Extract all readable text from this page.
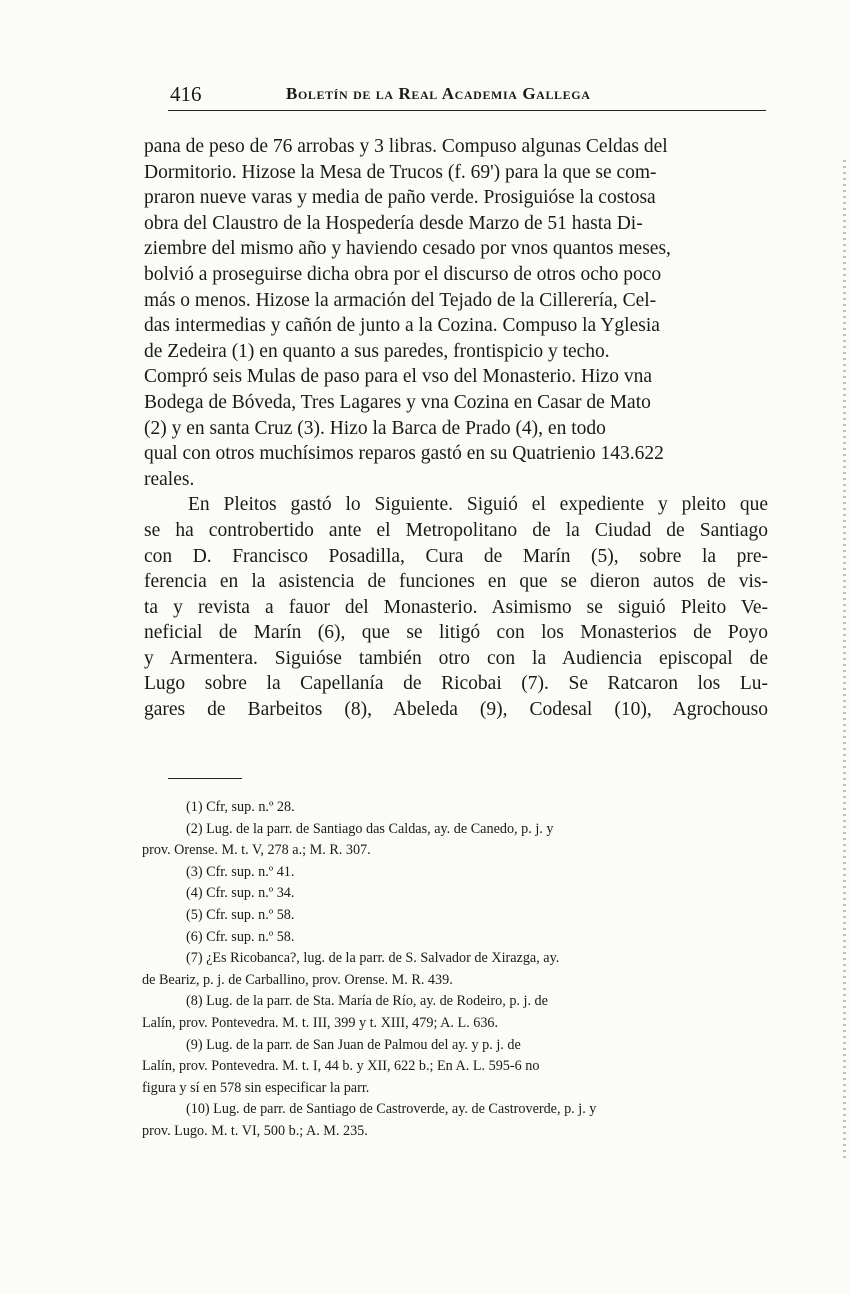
416	Boletín de la Real Academia Gallega

pana de peso de 76 arrobas y 3 libras. Compuso algunas Celdas del
Dormitorio. Hizose la Mesa de Trucos (f. 69') para la que se com-
praron nueve varas y media de paño verde. Prosiguióse la costosa
obra del Claustro de la Hospedería desde Marzo de 51 hasta Di-
ziembre del mismo año y haviendo cesado por vnos quantos meses,
bolvió a proseguirse dicha obra por el discurso de otros ocho poco
más o menos. Hizose la armación del Tejado de la Cillerería, Cel-
das intermedias y cañón de junto a la Cozina. Compuso la Yglesia
de Zedeira (1) en quanto a sus paredes, frontispicio y techo.
Compró seis Mulas de paso para el vso del Monasterio. Hizo vna
Bodega de Bóveda, Tres Lagares y vna Cozina en Casar de Mato
(2) y en santa Cruz (3). Hizo la Barca de Prado (4), en todo
qual con otros muchísimos reparos gastó en su Quatrienio 143.622
reales.

En Pleitos gastó lo Siguiente. Siguió el expediente y pleito que
se ha controbertido ante el Metropolitano de la Ciudad de Santiago
con D. Francisco Posadilla, Cura de Marín (5), sobre la pre-
ferencia en la asistencia de funciones en que se dieron autos de vis-
ta y revista a fauor del Monasterio. Asimismo se siguió Pleito Ve-
neficial de Marín (6), que se litigó con los Monasterios de Poyo
y Armentera. Siguióse también otro con la Audiencia episcopal de
Lugo sobre la Capellanía de Ricobai (7). Se Ratcaron los Lu-
gares de Barbeitos (8), Abeleda (9), Codesal (10), Agrochouso

(1) Cfr, sup. n.º 28.

(2) Lug. de la parr. de Santiago das Caldas, ay. de Canedo, p. j. y
prov. Orense. M. t. V, 278 a.; M. R. 307.

(3) Cfr. sup. n.º 41.

(4) Cfr. sup. n.º 34.

(5) Cfr. sup. n.º 58.

(6) Cfr. sup. n.º 58.

(7) ¿Es Ricobanca?, lug. de la parr. de S. Salvador de Xirazga, ay.
de Beariz, p. j. de Carballino, prov. Orense. M. R. 439.

(8) Lug. de la parr. de Sta. María de Río, ay. de Rodeiro, p. j. de
Lalín, prov. Pontevedra. M. t. III, 399 y t. XIII, 479; A. L. 636.

(9) Lug. de la parr. de San Juan de Palmou del ay. y p. j. de
Lalín, prov. Pontevedra. M. t. I, 44 b. y XII, 622 b.; En A. L. 595-6 no
figura y sí en 578 sin especificar la parr.

(10) Lug. de parr. de Santiago de Castroverde, ay. de Castroverde, p. j. y
prov. Lugo. M. t. VI, 500 b.; A. M. 235.
